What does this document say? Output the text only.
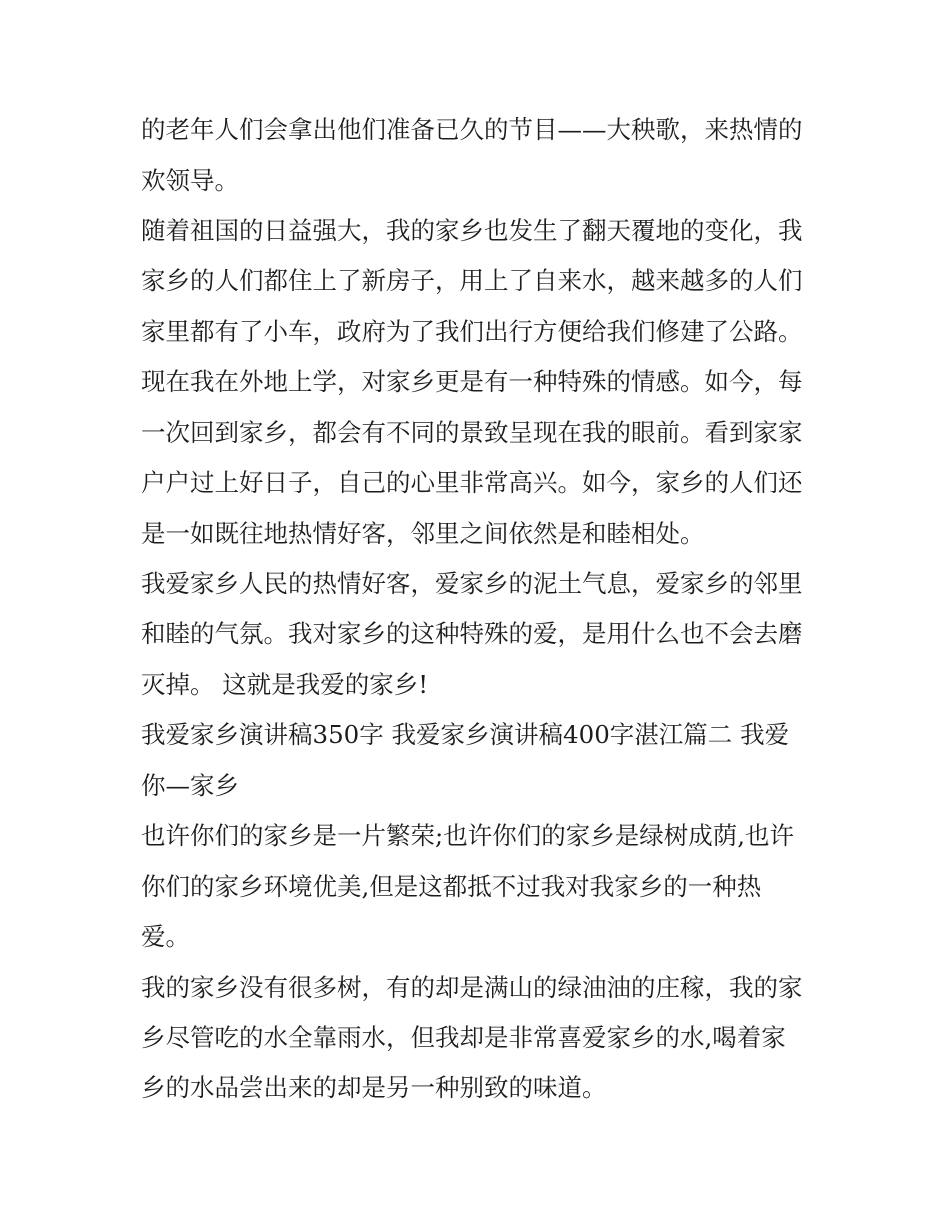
的老年人们会拿出他们准备已久的节目——大秧歌，来热情的
欢领导。
随着祖国的日益强大，我的家乡也发生了翻天覆地的变化，我
家乡的人们都住上了新房子，用上了自来水，越来越多的人们
家里都有了小车，政府为了我们出行方便给我们修建了公路。
现在我在外地上学，对家乡更是有一种特殊的情感。如今，每
一次回到家乡，都会有不同的景致呈现在我的眼前。看到家家
户户过上好日子，自己的心里非常高兴。如今，家乡的人们还
是一如既往地热情好客，邻里之间依然是和睦相处。
我爱家乡人民的热情好客，爱家乡的泥土气息，爱家乡的邻里
和睦的气氛。我对家乡的这种特殊的爱，是用什么也不会去磨
灭掉。 这就是我爱的家乡!
我爱家乡演讲稿350字 我爱家乡演讲稿400字湛江篇二 我爱
你—家乡
也许你们的家乡是一片繁荣;也许你们的家乡是绿树成荫,也许
你们的家乡环境优美,但是这都抵不过我对我家乡的一种热
爱。
我的家乡没有很多树，有的却是满山的绿油油的庄稼，我的家
乡尽管吃的水全靠雨水，但我却是非常喜爱家乡的水,喝着家
乡的水品尝出来的却是另一种别致的味道。
